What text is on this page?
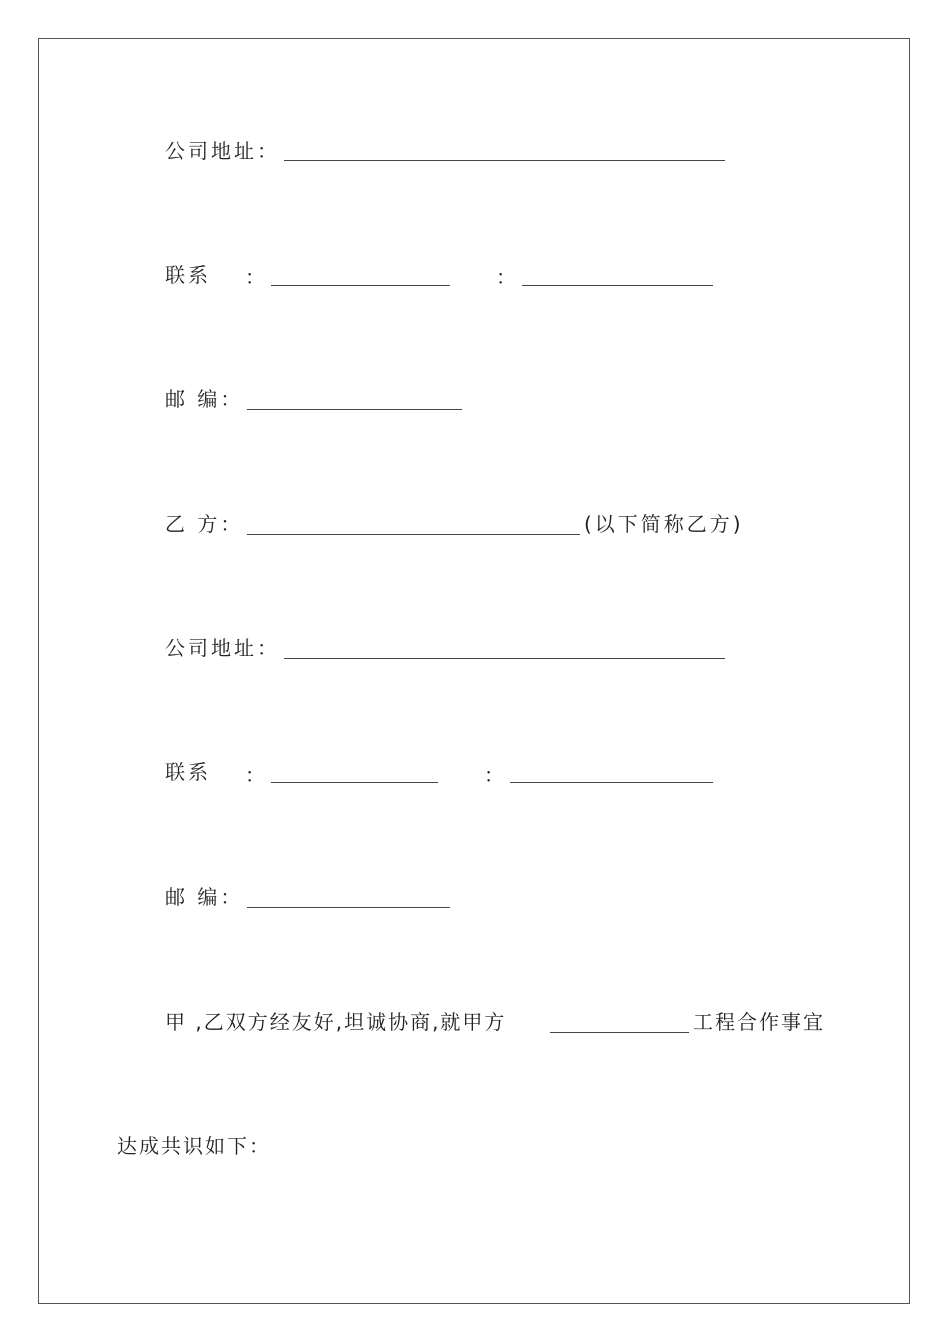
公司地址：
联系 ：	：
邮 编：
乙 方：	(以下简称乙方)
公司地址：
联系 ：	：
邮 编：
甲 ,乙双方经友好,坦诚协商,就甲方	工程合作事宜
达成共识如下：
